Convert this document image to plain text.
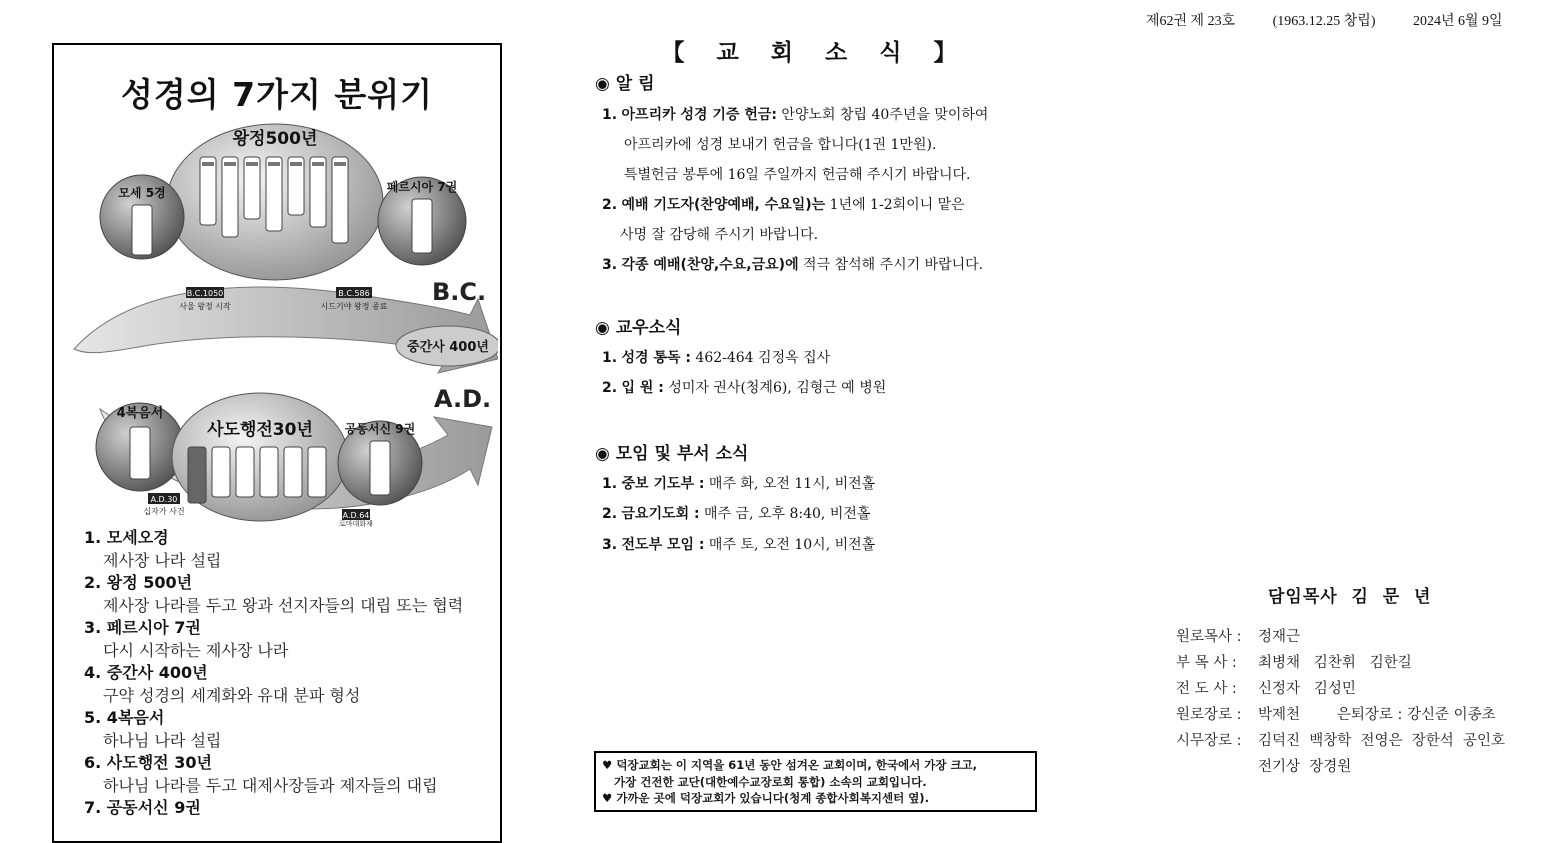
제62권 제 23호	(1963.12.25 창립)	2024년 6월 9일
성경의 7가지 분위기
B.C.
A.D.
중간사 400년
왕정500년
모세 5경	페르시아 7권
B.C.1050
사울 왕정 시작
B.C.586
시드기야 왕정 종료
4복음서
사도행전30년	공동서신 9권
A.D.30
십자가 사건	A.D.64
로마대화재
1. 모세오경
제사장 나라 설립
2. 왕정 500년
제사장 나라를 두고 왕과 선지자들의 대립 또는 협력
3. 페르시아 7권
다시 시작하는 제사장 나라
4. 중간사 400년
구약 성경의 세계화와 유대 분파 형성
5. 4복음서
하나님 나라 설립
6. 사도행전 30년
하나님 나라를 두고 대제사장들과 제자들의 대립
7. 공동서신 9권
【 교 회 소 식 】
◉ 알 림
1. 아프리카 성경 기증 헌금: 안양노회 창립 40주년을 맞이하여
아프리카에 성경 보내기 헌금을 합니다(1권 1만원).
특별헌금 봉투에 16일 주일까지 헌금해 주시기 바랍니다.
2. 예배 기도자(찬양예배, 수요일)는 1년에 1-2회이니 맡은
사명 잘 감당해 주시기 바랍니다.
3. 각종 예배(찬양,수요,금요)에 적극 참석해 주시기 바랍니다.
◉ 교우소식
1. 성경 통독 : 462-464 김정옥 집사
2. 입 원 : 성미자 권사(청계6), 김형근 예 병원
◉ 모임 및 부서 소식
1. 중보 기도부 : 매주 화, 오전 11시, 비전홀
2. 금요기도회 : 매주 금, 오후 8:40, 비전홀
3. 전도부 모임 : 매주 토, 오전 10시, 비전홀
♥ 덕장교회는 이 지역을 61년 동안 섬겨온 교회이며, 한국에서 가장 크고,
가장 건전한 교단(대한예수교장로회 통합) 소속의 교회입니다.
♥ 가까운 곳에 덕장교회가 있습니다(청계 종합사회복지센터 옆).
담임목사  김  문  년
원로목사 :	정재근
부 목 사 :	최병채   김찬휘   김한길
전 도 사 :	신정자   김성민
원로장로 :	박제천        은퇴장로 : 강신준 이종초
시무장로 :	김덕진  백창학  전영은  장한석  공인호
전기상  장경원
